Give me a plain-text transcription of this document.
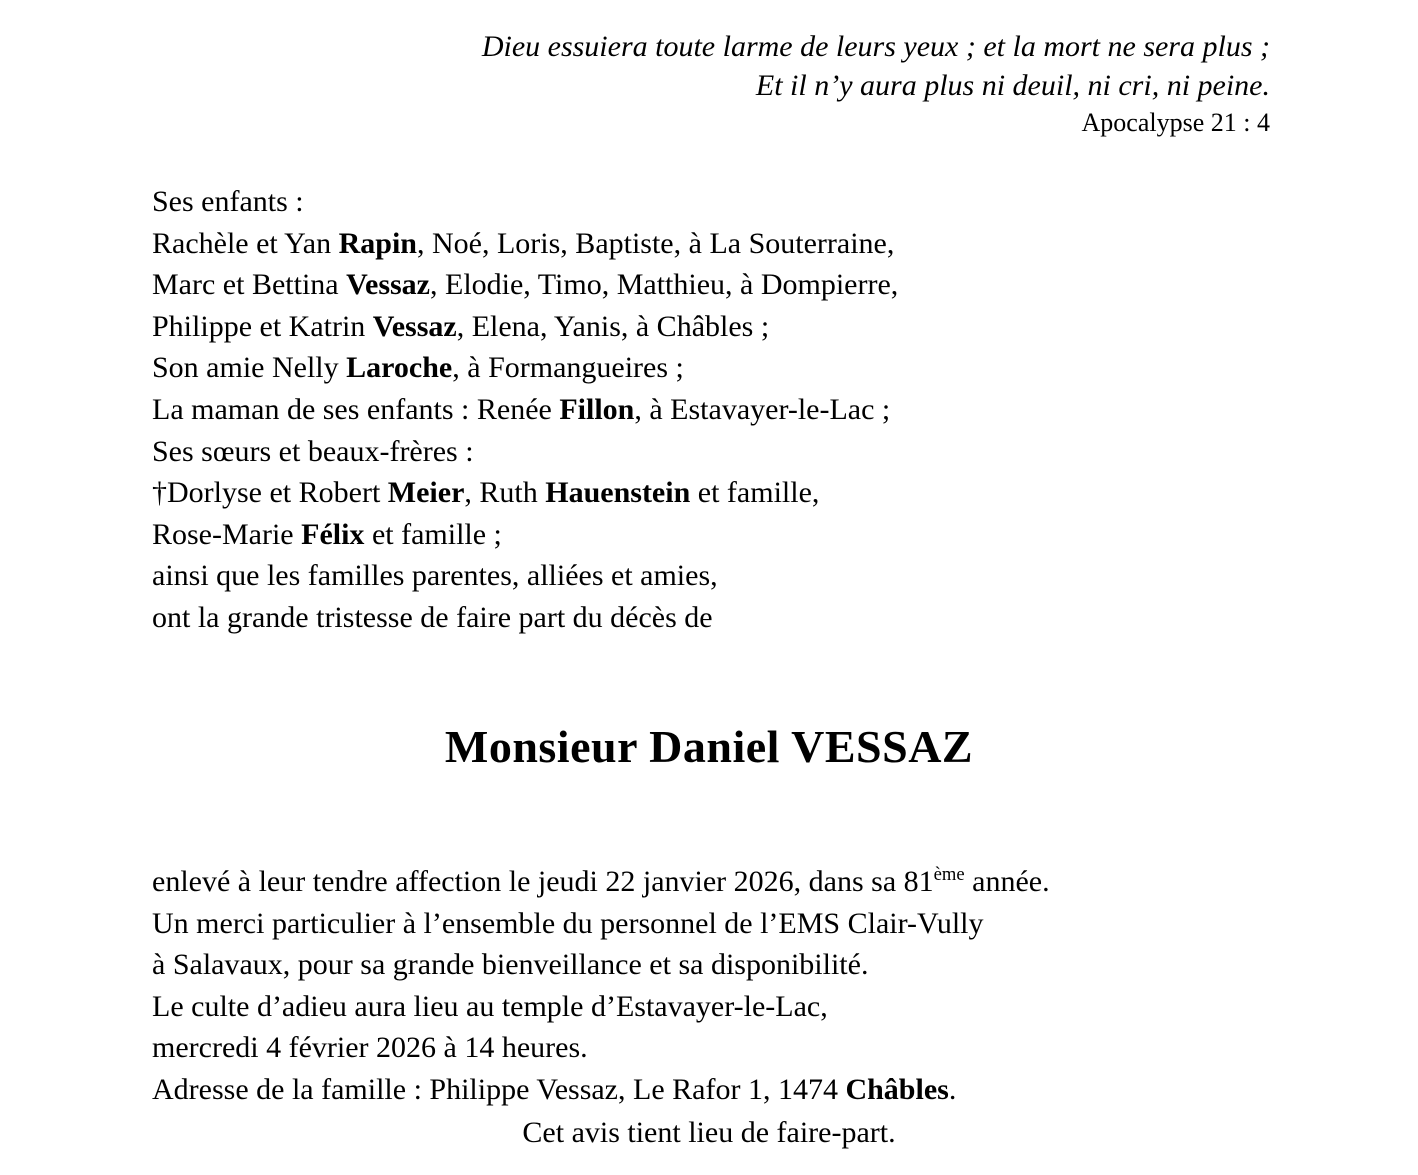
Dieu essuiera toute larme de leurs yeux ; et la mort ne sera plus ;
Et il n’y aura plus ni deuil, ni cri, ni peine.
Apocalypse 21 : 4
Ses enfants :
Rachèle et Yan Rapin, Noé, Loris, Baptiste, à La Souterraine,
Marc et Bettina Vessaz, Elodie, Timo, Matthieu, à Dompierre,
Philippe et Katrin Vessaz, Elena, Yanis, à Châbles ;
Son amie Nelly Laroche, à Formangueires ;
La maman de ses enfants : Renée Fillon, à Estavayer-le-Lac ;
Ses sœurs et beaux-frères :
†Dorlyse et Robert Meier, Ruth Hauenstein et famille,
Rose-Marie Félix et famille ;
ainsi que les familles parentes, alliées et amies,
ont la grande tristesse de faire part du décès de
Monsieur Daniel VESSAZ
enlevé à leur tendre affection le jeudi 22 janvier 2026, dans sa 81ème année.
Un merci particulier à l’ensemble du personnel de l’EMS Clair-Vully
à Salavaux, pour sa grande bienveillance et sa disponibilité.
Le culte d’adieu aura lieu au temple d’Estavayer-le-Lac,
mercredi 4 février 2026 à 14 heures.
Adresse de la famille : Philippe Vessaz, Le Rafor 1, 1474 Châbles.
Cet avis tient lieu de faire-part.
